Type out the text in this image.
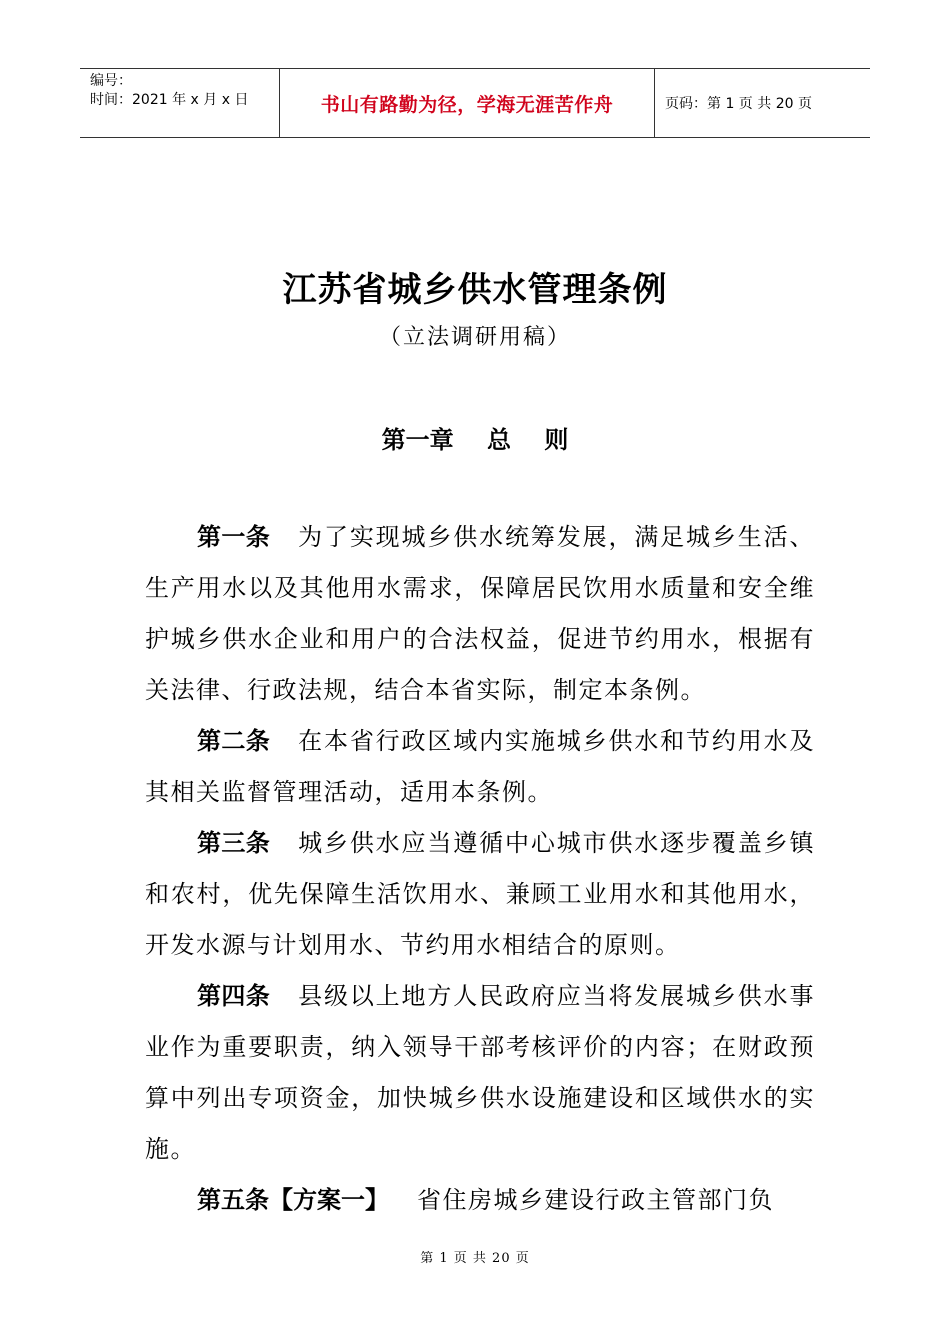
编号：
时间：2021 年 x 月 x 日	书山有路勤为径，学海无涯苦作舟	页码：第 1 页 共 20 页
江苏省城乡供水管理条例
（立法调研用稿）
第一章    总    则

第一条 为了实现城乡供水统筹发展，满足城乡生活、生产用水以及其他用水需求，保障居民饮用水质量和安全维护城乡供水企业和用户的合法权益，促进节约用水，根据有关法律、行政法规，结合本省实际，制定本条例。

第二条 在本省行政区域内实施城乡供水和节约用水及其相关监督管理活动，适用本条例。

第三条 城乡供水应当遵循中心城市供水逐步覆盖乡镇和农村，优先保障生活饮用水、兼顾工业用水和其他用水，开发水源与计划用水、节约用水相结合的原则。

第四条 县级以上地方人民政府应当将发展城乡供水事业作为重要职责，纳入领导干部考核评价的内容；在财政预算中列出专项资金，加快城乡供水设施建设和区域供水的实施。

第五条【方案一】 省住房城乡建设行政主管部门负

第 1 页 共 20 页
